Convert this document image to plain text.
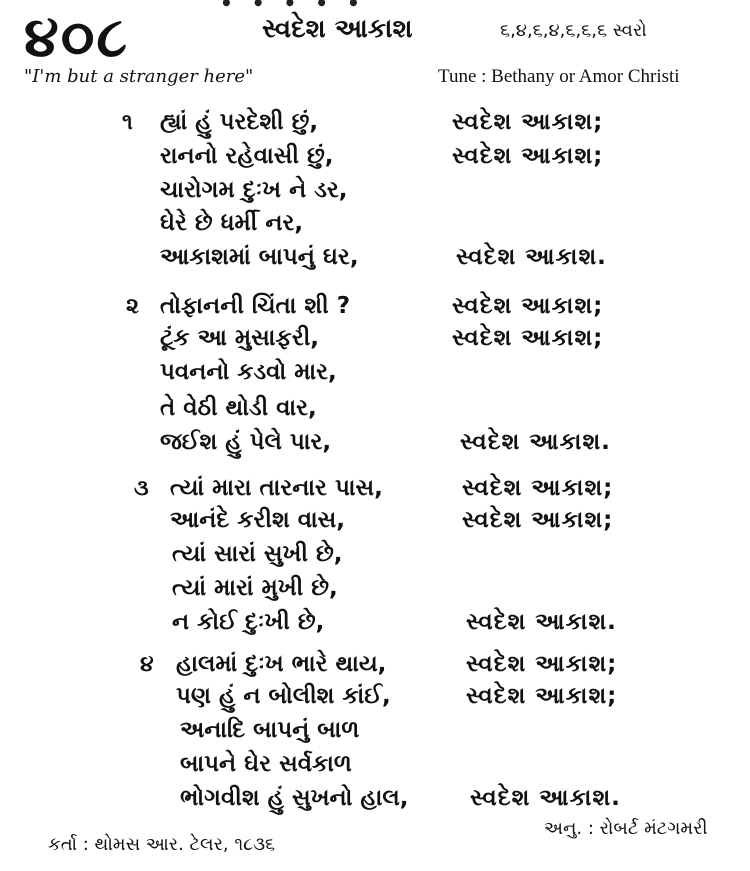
• • • • •
૪૦૮	સ્વદેશ આકાશ	૬,૪,૬,૪,૬,૬,૬ સ્વરો
"I'm but a stranger here"	Tune : Bethany or Amor Christi
૧ હ્યાં હું પરદેશી છું,	સ્વદેશ આકાશ;
રાનનો રહેવાસી છું,	સ્વદેશ આકાશ;
ચારોગમ દુઃખ ને ડર,
ઘેરે છે ધર્મી નર,
આકાશમાં બાપનું ઘર,	સ્વદેશ આકાશ.
૨ તોફાનની ચિંતા શી ?	સ્વદેશ આકાશ;
ટૂંક આ મુસાફરી,	સ્વદેશ આકાશ;
પવનનો કડવો માર,
તે વેઠી થોડી વાર,
જઈશ હું પેલે પાર,	સ્વદેશ આકાશ.
૩ ત્યાં મારા તારનાર પાસ,	સ્વદેશ આકાશ;
આનંદે કરીશ વાસ,	સ્વદેશ આકાશ;
ત્યાં સારાં સુખી છે,
ત્યાં મારાં મુખી છે,
ન કોઈ દુઃખી છે,	સ્વદેશ આકાશ.
૪ હાલમાં દુઃખ ભારે થાય,	સ્વદેશ આકાશ;
પણ હું ન બોલીશ કાંઈ,	સ્વદેશ આકાશ;
અનાદિ બાપનું બાળ
બાપને ઘેર સર્વકાળ
ભોગવીશ હું સુખનો હાલ,	સ્વદેશ આકાશ.
અનુ. : રોબર્ટ મંટગમરી
કર્તા : થોમસ આર. ટેલર, ૧૮૩૬
